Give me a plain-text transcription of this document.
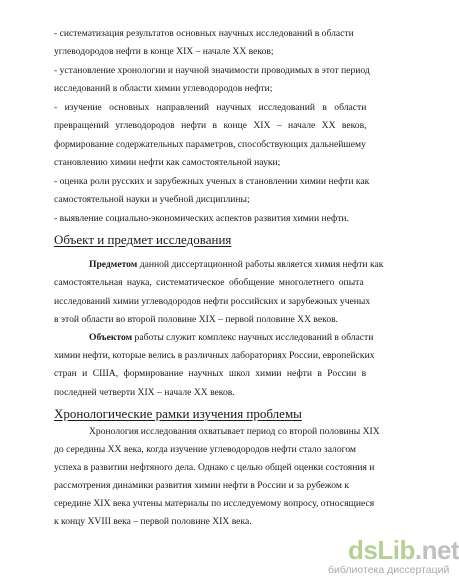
- систематизация результатов основных научных исследований в области
углеводородов нефти в конце XIX – начале XX веков;
- установление хронологии и научной значимости проводимых в этот период
исследований в области химии углеводородов нефти;
- изучение основных направлений научных исследований в области
превращений углеводородов нефти в конце XIX – начале XX веков,
формирование содержательных параметров, способствующих дальнейшему
становлению химии нефти как самостоятельной науки;
- оценка роли русских и зарубежных ученых в становлении химии нефти как
самостоятельной науки и учебной дисциплины;
- выявление социально-экономических аспектов развития химии нефти.
Объект и предмет исследования
Предметом данной диссертационной работы является химия нефти как
самостоятельная наука, систематическое обобщение многолетнего опыта
исследований химии углеводородов нефти российских и зарубежных ученых
в этой области во второй половине XIX – первой половине XX веков.
Объектом работы служит комплекс научных исследований в области
химии нефти, которые велись в различных лабораториях России, европейских
стран и США, формирование научных школ химии нефти в России в
последней четверти XIX – начале XX веков.
Хронологические рамки изучения проблемы
Хронология исследования охватывает период со второй половины XIX
до середины XX века, когда изучение углеводородов нефти стало залогом
успеха в развитии нефтяного дела. Однако с целью общей оценки состояния и
рассмотрения динамики развития химии нефти в России и за рубежом к
середине XIX века учтены материалы по исследуемому вопросу, относящиеся
к концу XVIII века – первой половине XIX века.
dsLib.net
библиотека диссертаций
